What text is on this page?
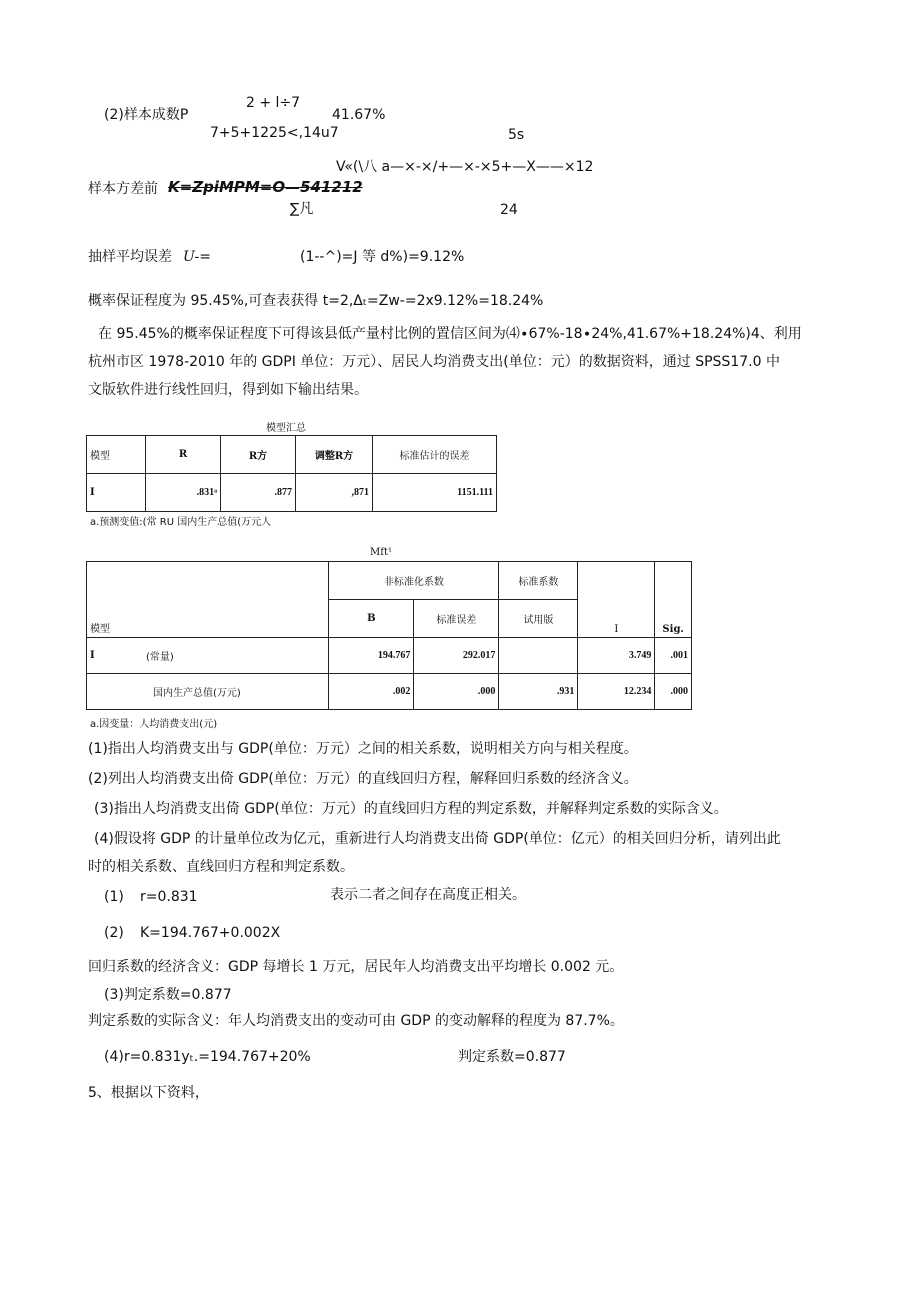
(2)样本成数P
2 + l÷7
7+5+1225<,14u7
41.67%
5s
V«(\八 a—×-×/+—×-×5+—X——×12
样本方差前 K=ZpiMPM=O—541212
∑凡	24
抽样平均误差 U-=	(1--^)=J 等 d%)=9.12%
概率保证程度为 95.45%,可查表获得 t=2,Δₜ=Zw-=2x9.12%=18.24%
在 95.45%的概率保证程度下可得该县低产量村比例的置信区间为⑷∙67%-18∙24%,41.67%+18.24%)4、利用
杭州市区 1978-2010 年的 GDPI 单位：万元）、居民人均消费支出(单位：元）的数据资料，通过 SPSS17.0 中
文版软件进行线性回归，得到如下输出结果。
模型汇总
模型	R	R方	调整R方	标准估计的误差
I	.831ᵃ	.877	,871	1151.111
a.预测变值:(常 RU 国内生产总值(万元人
Mft¹
模型		非标准化系数		标准系数	I	Sig.
		B	标准误差	试用版		
I	(常量)	194.767	292.017		3.749	.001
	国内生产总值(万元)	.002	.000	.931	12.234	.000
a.因变量：人均消费支出(元)
(1)指出人均消费支出与 GDP(单位：万元）之间的相关系数，说明相关方向与相关程度。
(2)列出人均消费支出倚 GDP(单位：万元）的直线回归方程，解释回归系数的经济含义。
(3)指出人均消费支出倚 GDP(单位：万元）的直线回归方程的判定系数，并解释判定系数的实际含义。
(4)假设将 GDP 的计量单位改为亿元，重新进行人均消费支出倚 GDP(单位：亿元）的相关回归分析，请列出此
时的相关系数、直线回归方程和判定系数。
(1) r=0.831	表示二者之间存在高度正相关。
(2) K=194.767+0.002X
回归系数的经济含义：GDP 每增长 1 万元，居民年人均消费支出平均增长 0.002 元。
(3)判定系数=0.877
判定系数的实际含义：年人均消费支出的变动可由 GDP 的变动解释的程度为 87.7%。
(4)r=0.831yₜ.=194.767+20%	判定系数=0.877
5、根据以下资料，
